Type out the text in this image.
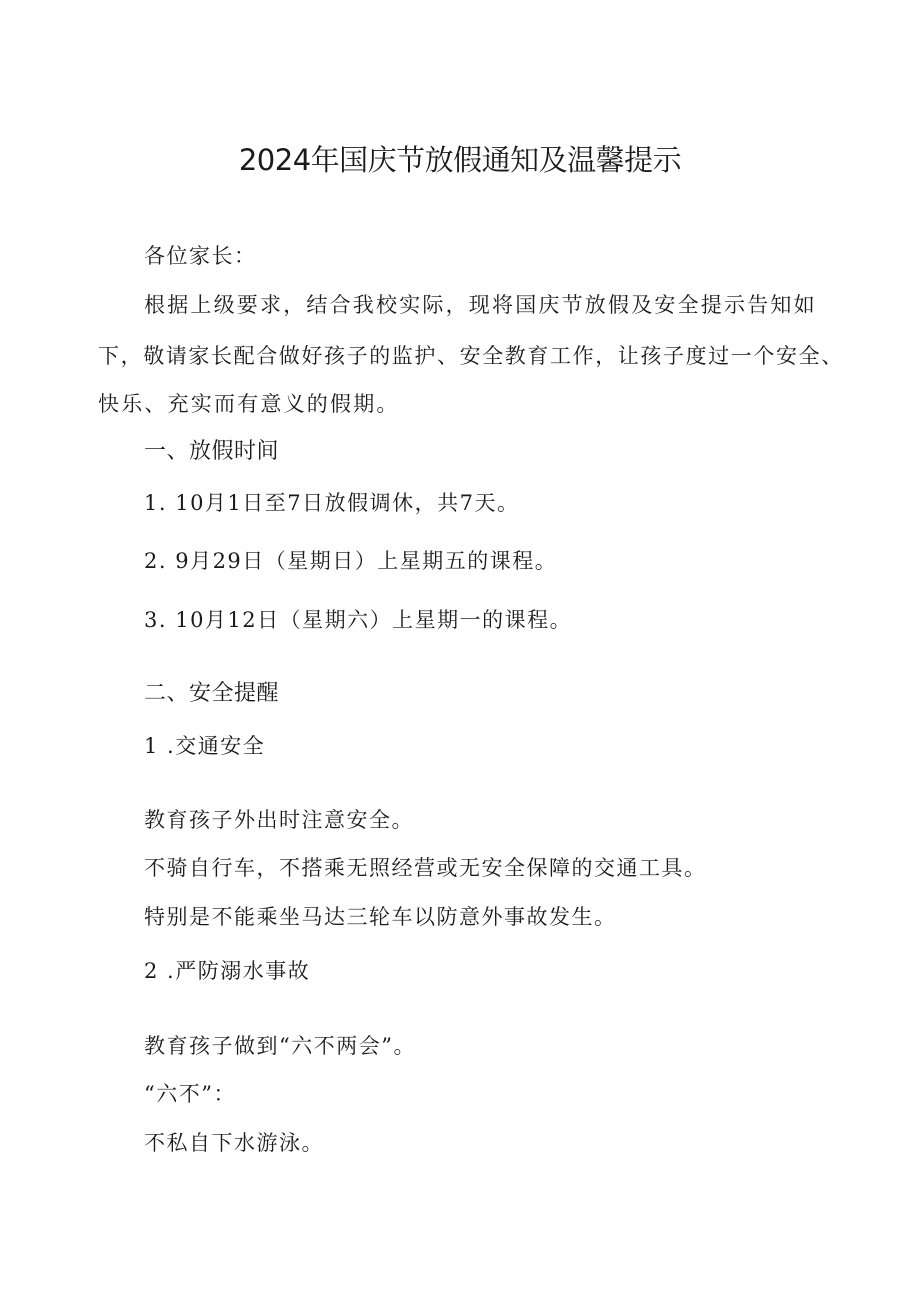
2024年国庆节放假通知及温馨提示
各位家长：
根据上级要求，结合我校实际，现将国庆节放假及安全提示告知如
下，敬请家长配合做好孩子的监护、安全教育工作，让孩子度过一个安全、
快乐、充实而有意义的假期。
一、放假时间
1. 10月1日至7日放假调休，共7天。
2. 9月29日（星期日）上星期五的课程。
3. 10月12日（星期六）上星期一的课程。
二、安全提醒
1 .交通安全
教育孩子外出时注意安全。
不骑自行车，不搭乘无照经营或无安全保障的交通工具。
特别是不能乘坐马达三轮车以防意外事故发生。
2 .严防溺水事故
教育孩子做到“六不两会”。
“六不”：
不私自下水游泳。
